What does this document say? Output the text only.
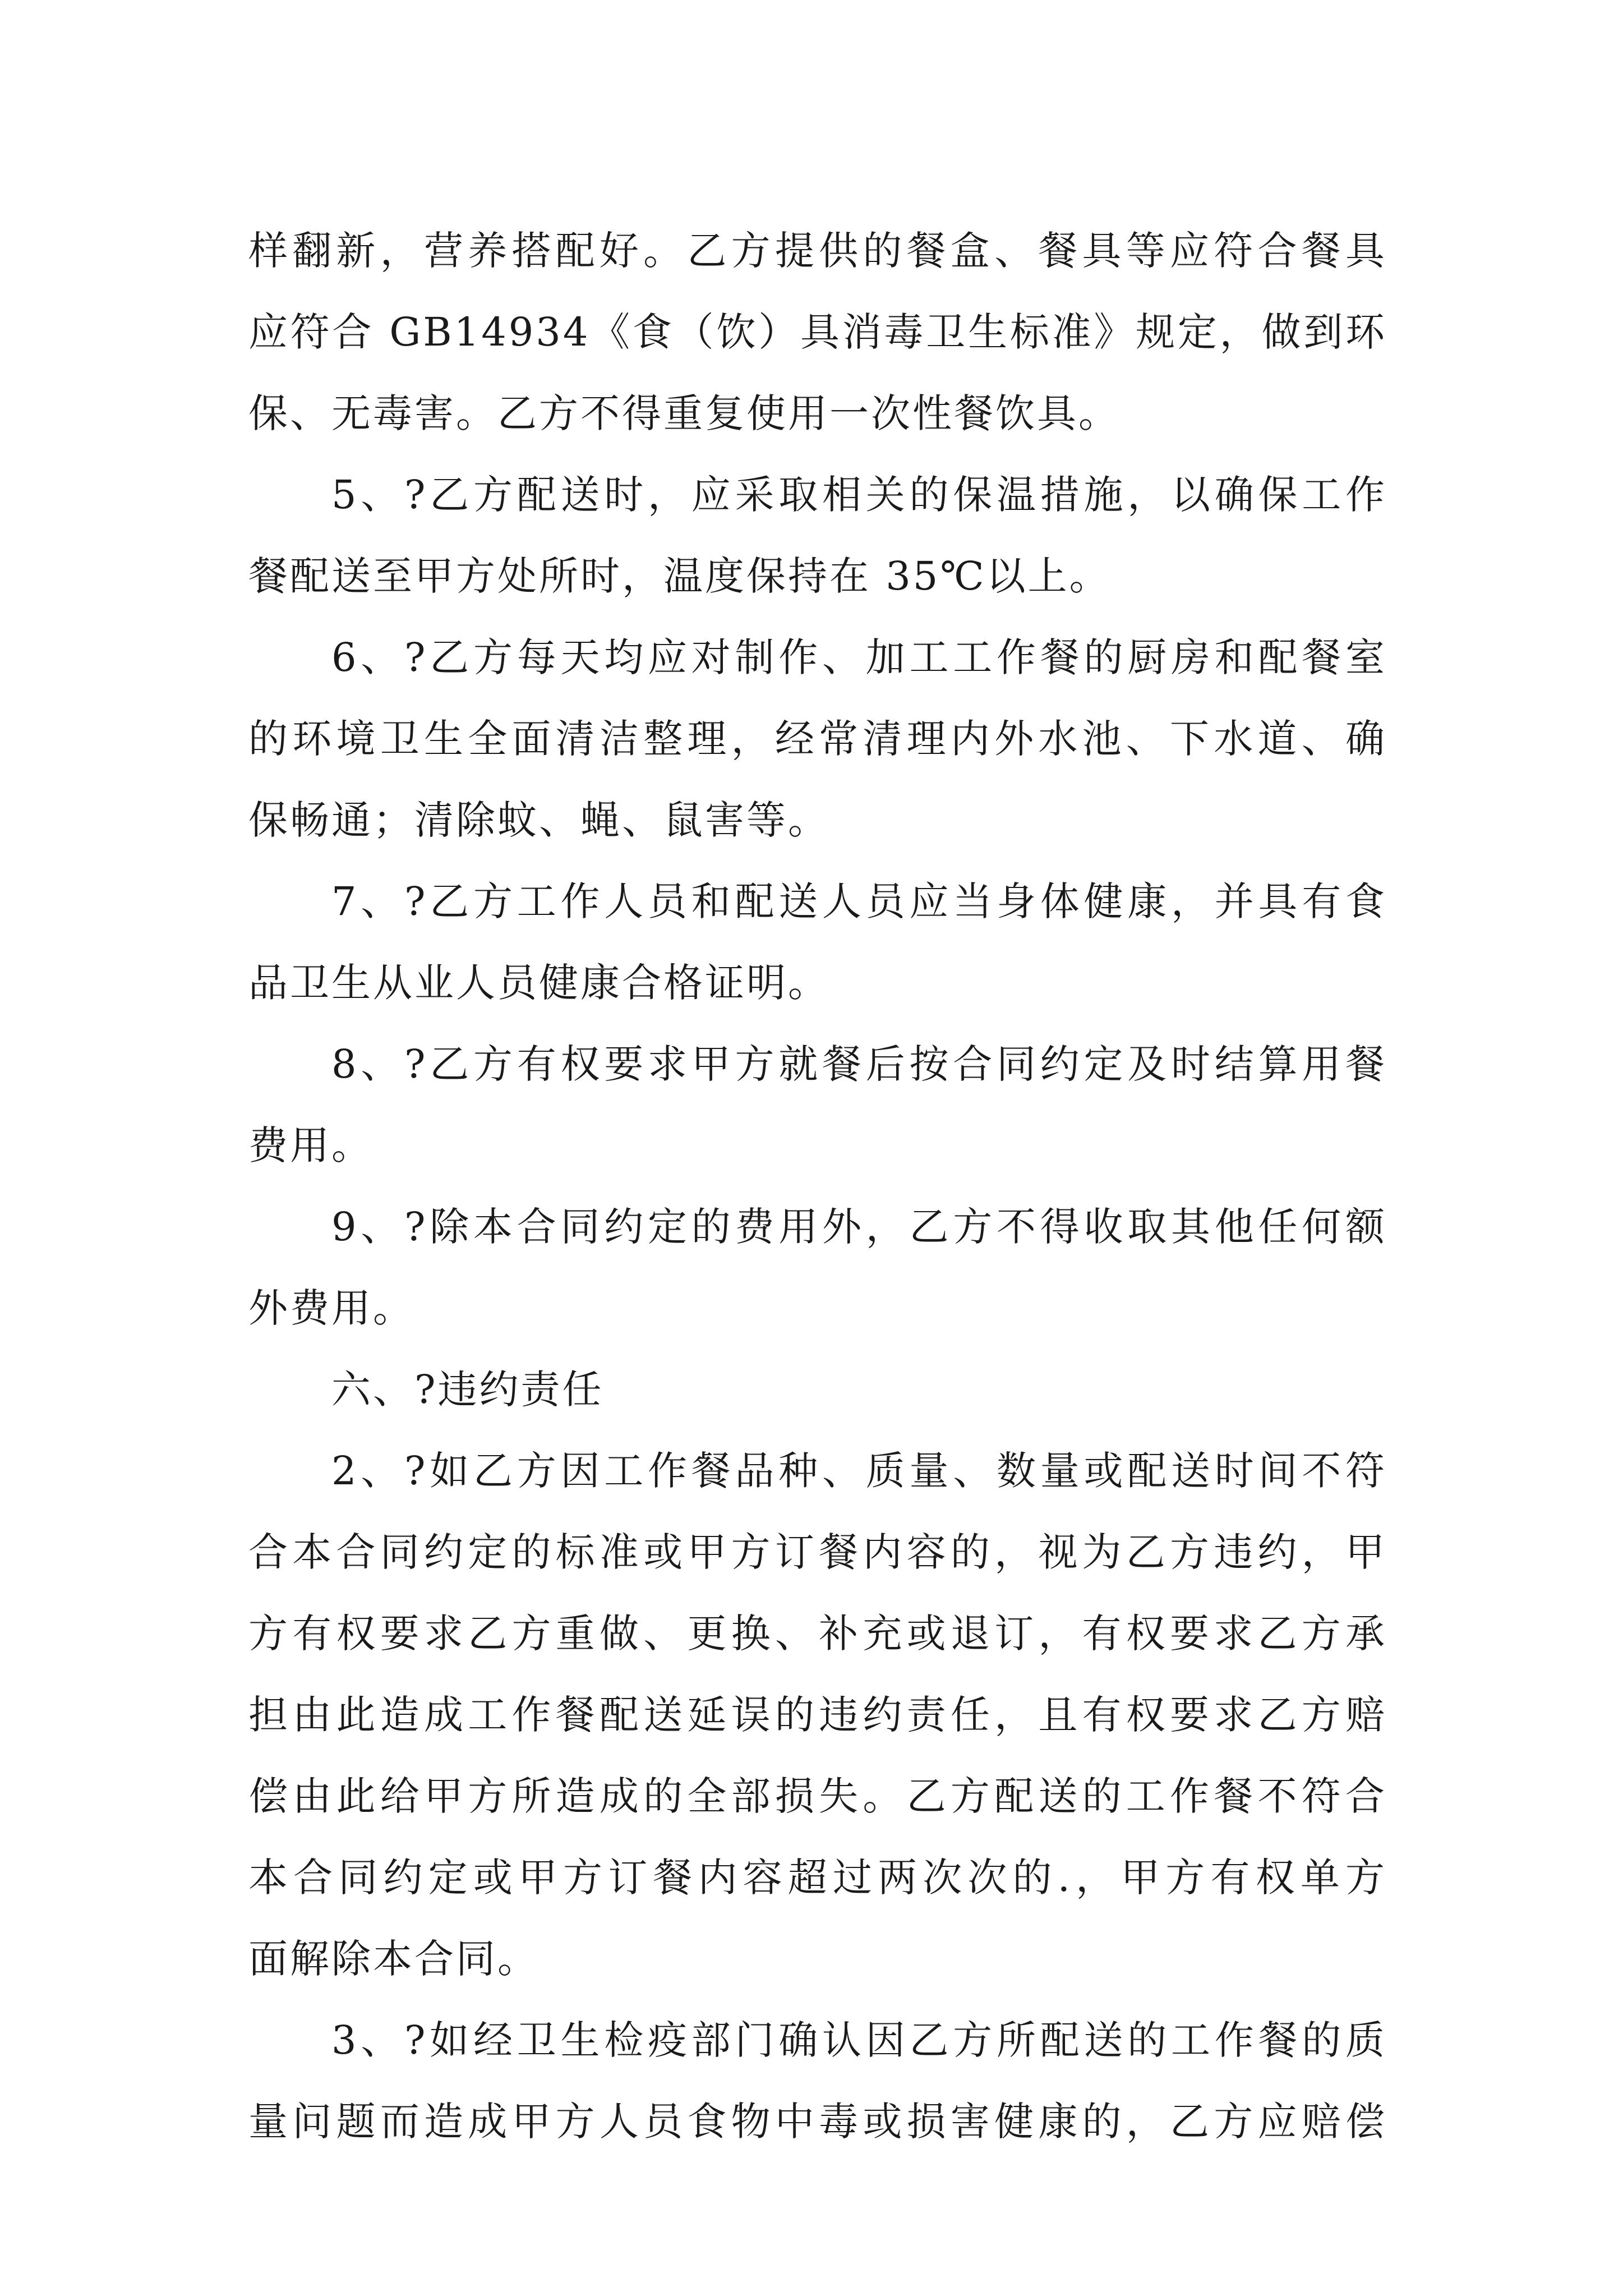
样翻新，营养搭配好。乙方提供的餐盒、餐具等应符合餐具
应符合 GB14934《食（饮）具消毒卫生标准》规定，做到环
保、无毒害。乙方不得重复使用一次性餐饮具。

5、?乙方配送时，应采取相关的保温措施，以确保工作
餐配送至甲方处所时，温度保持在 35℃以上。

6、?乙方每天均应对制作、加工工作餐的厨房和配餐室
的环境卫生全面清洁整理，经常清理内外水池、下水道、确
保畅通；清除蚊、蝇、鼠害等。

7、?乙方工作人员和配送人员应当身体健康，并具有食
品卫生从业人员健康合格证明。

8、?乙方有权要求甲方就餐后按合同约定及时结算用餐
费用。

9、?除本合同约定的费用外，乙方不得收取其他任何额
外费用。

六、?违约责任

2、?如乙方因工作餐品种、质量、数量或配送时间不符
合本合同约定的标准或甲方订餐内容的，视为乙方违约，甲
方有权要求乙方重做、更换、补充或退订，有权要求乙方承
担由此造成工作餐配送延误的违约责任，且有权要求乙方赔
偿由此给甲方所造成的全部损失。乙方配送的工作餐不符合
本合同约定或甲方订餐内容超过两次次的.，甲方有权单方
面解除本合同。

3、?如经卫生检疫部门确认因乙方所配送的工作餐的质
量问题而造成甲方人员食物中毒或损害健康的，乙方应赔偿
